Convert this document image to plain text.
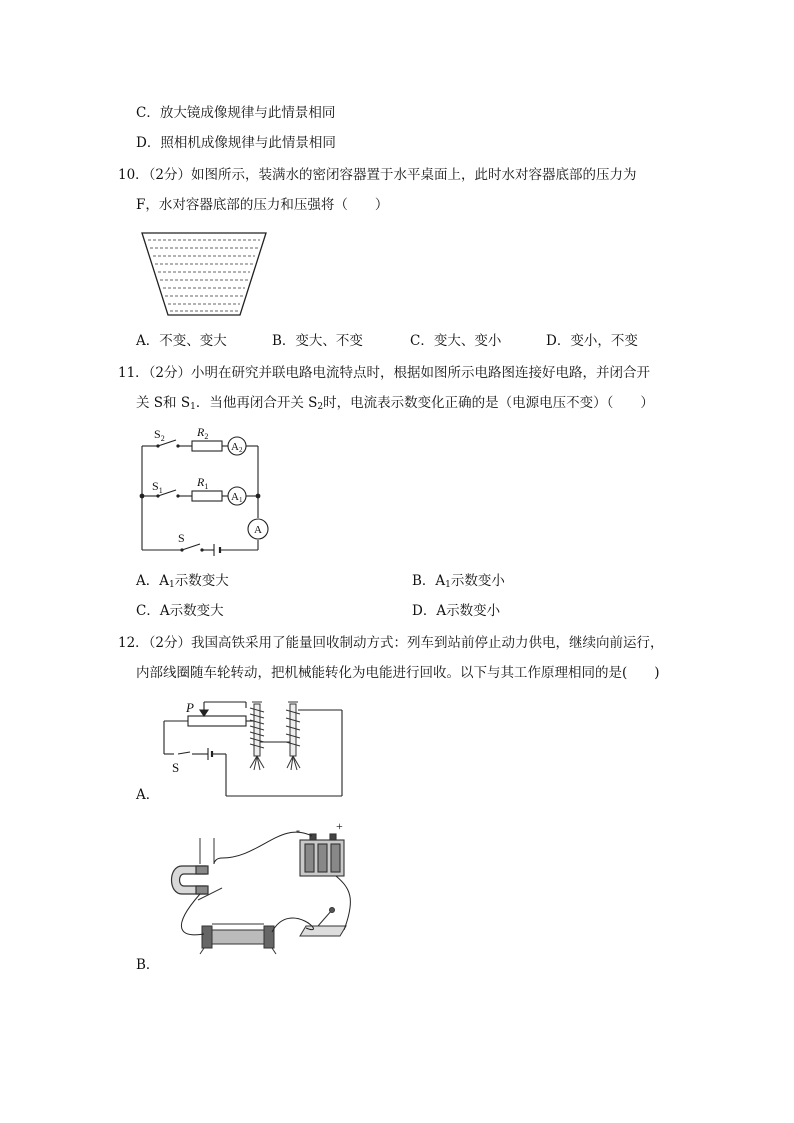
C．放大镜成像规律与此情景相同
D．照相机成像规律与此情景相同
10．（2分）如图所示，装满水的密闭容器置于水平桌面上，此时水对容器底部的压力为
F，水对容器底部的压力和压强将（　　）
A．不变、变大	B．变大、不变	C．变大、变小	D．变小，不变
11．（2分）小明在研究并联电路电流特点时，根据如图所示电路图连接好电路，并闭合开
关 S和 $S_1$．当他再闭合开关 $S_2$时，电流表示数变化正确的是（电源电压不变）（　　）
$S_2$	$R_2$
A2
$S_1$
$R_1$
A1
A
S
A．$A_1$示数变大	B．$A_1$示数变小
C．A示数变大	D．A示数变小
12．（2分）我国高铁采用了能量回收制动方式：列车到站前停止动力供电，继续向前运行，
内部线圈随车轮转动，把机械能转化为电能进行回收。以下与其工作原理相同的是(　　)
P
S
A．
-	+
B．
